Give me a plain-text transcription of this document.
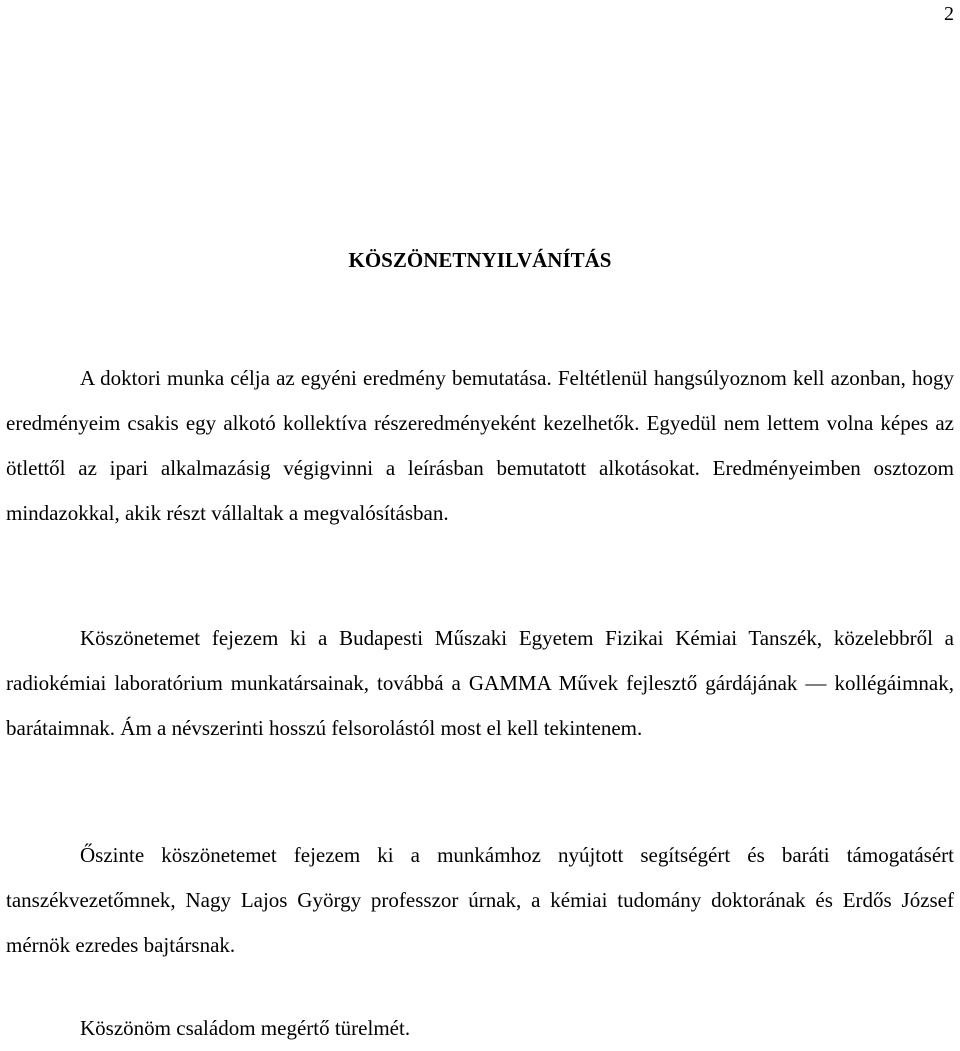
2
KÖSZÖNETNYILVÁNÍTÁS

A doktori munka célja az egyéni eredmény bemutatása. Feltétlenül hangsúlyoznom kell azonban, hogy eredményeim csakis egy alkotó kollektíva részeredményeként kezelhetők. Egyedül nem lettem volna képes az ötlettől az ipari alkalmazásig végigvinni a leírásban bemutatott alkotásokat. Eredményeimben osztozom mindazokkal, akik részt vállaltak a megvalósításban.

Köszönetemet fejezem ki a Budapesti Műszaki Egyetem Fizikai Kémiai Tanszék, közelebbről a radiokémiai laboratórium munkatársainak, továbbá a GAMMA Művek fejlesztő gárdájának — kollégáimnak, barátaimnak. Ám a névszerinti hosszú felsorolástól most el kell tekintenem.

Őszinte köszönetemet fejezem ki a munkámhoz nyújtott segítségért és baráti támogatásért tanszékvezetőmnek, Nagy Lajos György professzor úrnak, a kémiai tudomány doktorának és Erdős József mérnök ezredes bajtársnak.

Köszönöm családom megértő türelmét.
